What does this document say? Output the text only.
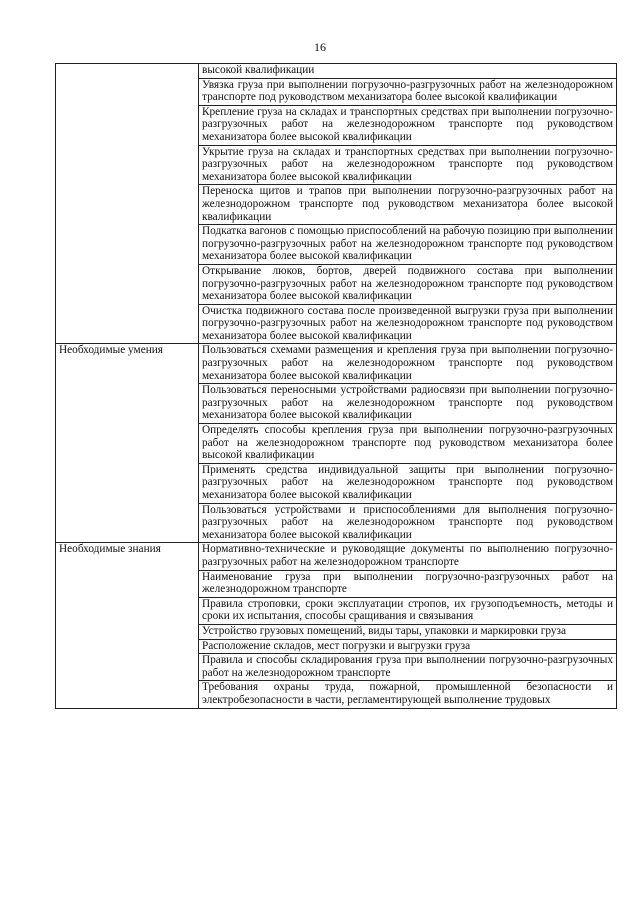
16

	высокой квалификации

	Увязка груза при выполнении погрузочно-разгрузочных работ на железнодорожном транспорте под руководством механизатора более высокой квалификации

	Крепление груза на складах и транспортных средствах при выполнении погрузочно-разгрузочных работ на железнодорожном транспорте под руководством механизатора более высокой квалификации

	Укрытие груза на складах и транспортных средствах при выполнении погрузочно-разгрузочных работ на железнодорожном транспорте под руководством механизатора более высокой квалификации

	Переноска щитов и трапов при выполнении погрузочно-разгрузочных работ на железнодорожном транспорте под руководством механизатора более высокой квалификации

	Подкатка вагонов с помощью приспособлений на рабочую позицию при выполнении погрузочно-разгрузочных работ на железнодорожном транспорте под руководством механизатора более высокой квалификации

	Открывание люков, бортов, дверей подвижного состава при выполнении погрузочно-разгрузочных работ на железнодорожном транспорте под руководством механизатора более высокой квалификации

	Очистка подвижного состава после произведенной выгрузки груза при выполнении погрузочно-разгрузочных работ на железнодорожном транспорте под руководством механизатора более высокой квалификации

Необходимые умения	Пользоваться схемами размещения и крепления груза при выполнении погрузочно-разгрузочных работ на железнодорожном транспорте под руководством механизатора более высокой квалификации

	Пользоваться переносными устройствами радиосвязи при выполнении погрузочно-разгрузочных работ на железнодорожном транспорте под руководством механизатора более высокой квалификации

	Определять способы крепления груза при выполнении погрузочно-разгрузочных работ на железнодорожном транспорте под руководством механизатора более высокой квалификации

	Применять средства индивидуальной защиты при выполнении погрузочно-разгрузочных работ на железнодорожном транспорте под руководством механизатора более высокой квалификации

	Пользоваться устройствами и приспособлениями для выполнения погрузочно-разгрузочных работ на железнодорожном транспорте под руководством механизатора более высокой квалификации

Необходимые знания	Нормативно-технические и руководящие документы по выполнению погрузочно-разгрузочных работ на железнодорожном транспорте

	Наименование груза при выполнении погрузочно-разгрузочных работ на железнодорожном транспорте

	Правила строповки, сроки эксплуатации стропов, их грузоподъемность, методы и сроки их испытания, способы сращивания и связывания

	Устройство грузовых помещений, виды тары, упаковки и маркировки груза

	Расположение складов, мест погрузки и выгрузки груза

	Правила и способы складирования груза при выполнении погрузочно-разгрузочных работ на железнодорожном транспорте

	Требования охраны труда, пожарной, промышленной безопасности и электробезопасности в части, регламентирующей выполнение трудовых
